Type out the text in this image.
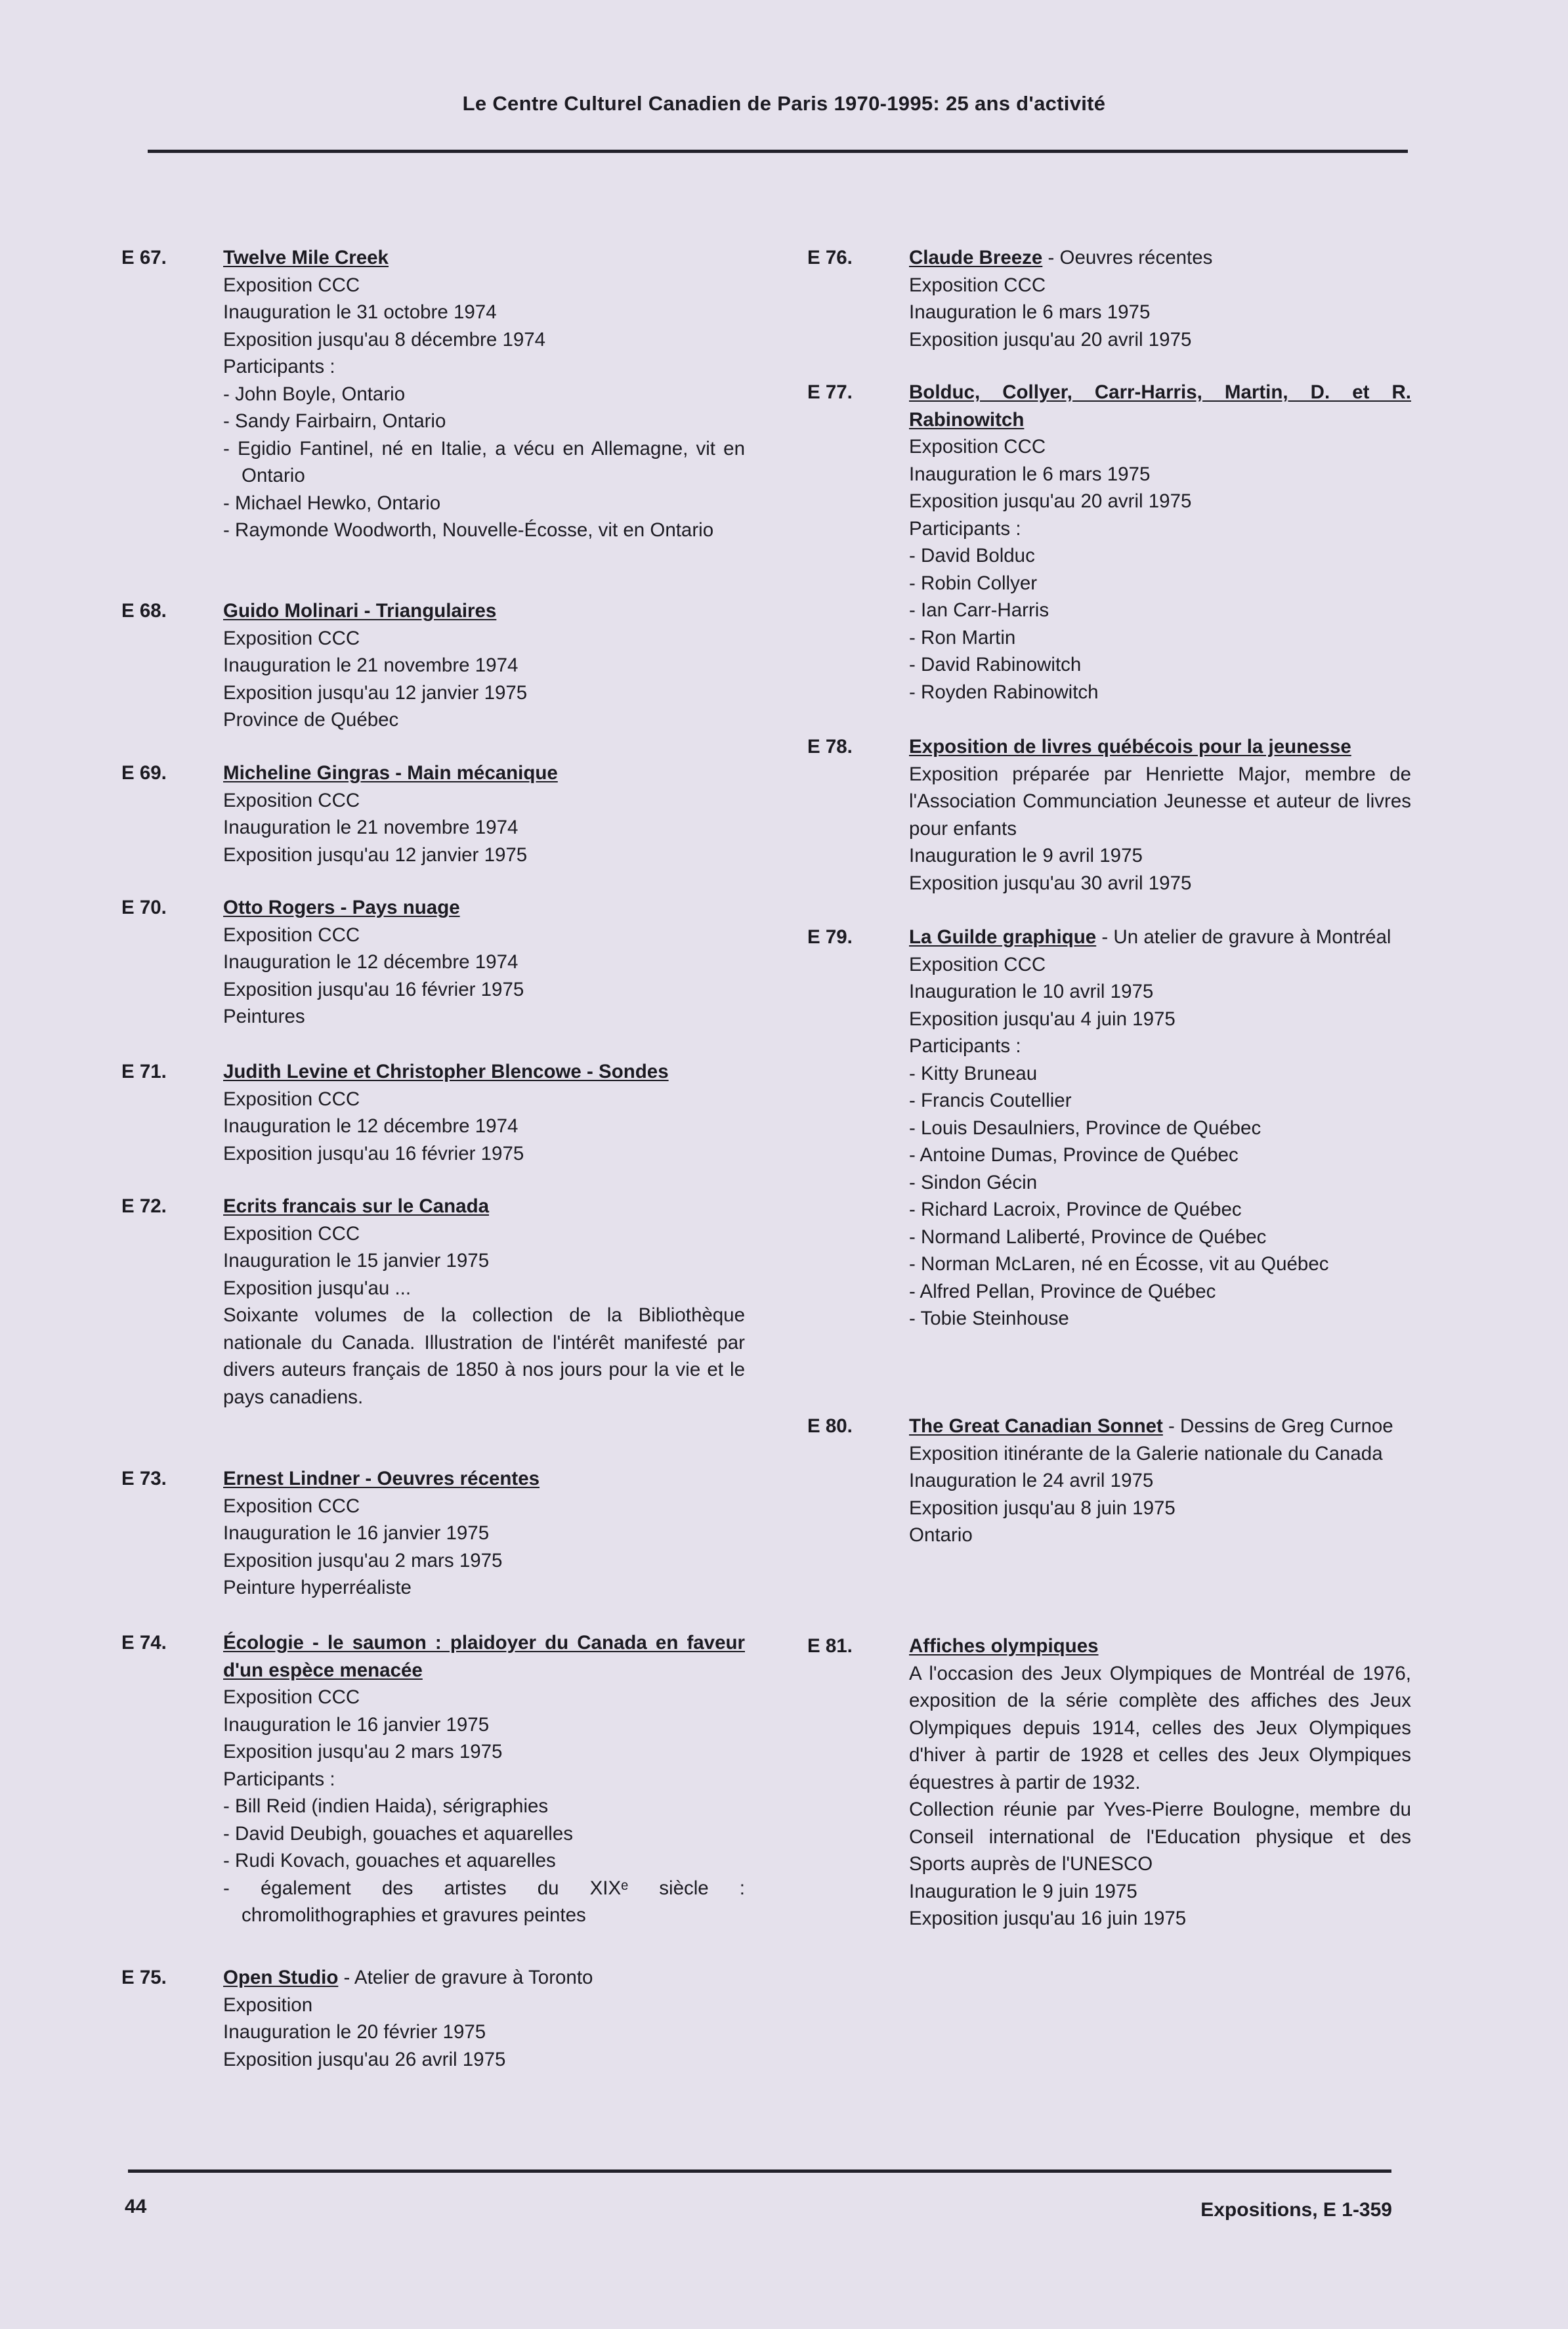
Le Centre Culturel Canadien de Paris 1970-1995: 25 ans d'activité
E 67.	Twelve Mile Creek
Exposition CCC
Inauguration le 31 octobre 1974
Exposition jusqu'au 8 décembre 1974
Participants :
- John Boyle, Ontario
- Sandy Fairbairn, Ontario
- Egidio Fantinel, né en Italie, a vécu en Allemagne, vit en Ontario
- Michael Hewko, Ontario
- Raymonde Woodworth, Nouvelle-Écosse, vit en Ontario
E 68.	Guido Molinari - Triangulaires
Exposition CCC
Inauguration le 21 novembre 1974
Exposition jusqu'au 12 janvier 1975
Province de Québec
E 69.	Micheline Gingras - Main mécanique
Exposition CCC
Inauguration le 21 novembre 1974
Exposition jusqu'au 12 janvier 1975
E 70.	Otto Rogers - Pays nuage
Exposition CCC
Inauguration le 12 décembre 1974
Exposition jusqu'au 16 février 1975
Peintures
E 71.	Judith Levine et Christopher Blencowe - Sondes
Exposition CCC
Inauguration le 12 décembre 1974
Exposition jusqu'au 16 février 1975
E 72.	Ecrits francais sur le Canada
Exposition CCC
Inauguration le 15 janvier 1975
Exposition jusqu'au ...
Soixante volumes de la collection de la Bibliothèque nationale du Canada. Illustration de l'intérêt manifesté par divers auteurs français de 1850 à nos jours pour la vie et le pays canadiens.
E 73.	Ernest Lindner - Oeuvres récentes
Exposition CCC
Inauguration le 16 janvier 1975
Exposition jusqu'au 2 mars 1975
Peinture hyperréaliste
E 74.	Écologie - le saumon : plaidoyer du Canada en faveur d'un espèce menacée
Exposition CCC
Inauguration le 16 janvier 1975
Exposition jusqu'au 2 mars 1975
Participants :
- Bill Reid (indien Haida), sérigraphies
- David Deubigh, gouaches et aquarelles
- Rudi Kovach, gouaches et aquarelles
- également des artistes du XIXᵉ siècle : chromolithographies et gravures peintes
E 75.	Open Studio - Atelier de gravure à Toronto
Exposition
Inauguration le 20 février 1975
Exposition jusqu'au 26 avril 1975
E 76.	Claude Breeze - Oeuvres récentes
Exposition CCC
Inauguration le 6 mars 1975
Exposition jusqu'au 20 avril 1975
E 77.	Bolduc, Collyer, Carr-Harris, Martin, D. et R. Rabinowitch
Exposition CCC
Inauguration le 6 mars 1975
Exposition jusqu'au 20 avril 1975
Participants :
- David Bolduc
- Robin Collyer
- Ian Carr-Harris
- Ron Martin
- David Rabinowitch
- Royden Rabinowitch
E 78.	Exposition de livres québécois pour la jeunesse
Exposition préparée par Henriette Major, membre de l'Association Communciation Jeunesse et auteur de livres pour enfants
Inauguration le 9 avril 1975
Exposition jusqu'au 30 avril 1975
E 79.	La Guilde graphique - Un atelier de gravure à Montréal
Exposition CCC
Inauguration le 10 avril 1975
Exposition jusqu'au 4 juin 1975
Participants :
- Kitty Bruneau
- Francis Coutellier
- Louis Desaulniers, Province de Québec
- Antoine Dumas, Province de Québec
- Sindon Gécin
- Richard Lacroix, Province de Québec
- Normand Laliberté, Province de Québec
- Norman McLaren, né en Écosse, vit au Québec
- Alfred Pellan, Province de Québec
- Tobie Steinhouse
E 80.	The Great Canadian Sonnet - Dessins de Greg Curnoe
Exposition itinérante de la Galerie nationale du Canada
Inauguration le 24 avril 1975
Exposition jusqu'au 8 juin 1975
Ontario
E 81.	Affiches olympiques
A l'occasion des Jeux Olympiques de Montréal de 1976, exposition de la série complète des affiches des Jeux Olympiques depuis 1914, celles des Jeux Olympiques d'hiver à partir de 1928 et celles des Jeux Olympiques équestres à partir de 1932.
Collection réunie par Yves-Pierre Boulogne, membre du Conseil international de l'Education physique et des Sports auprès de l'UNESCO
Inauguration le 9 juin 1975
Exposition jusqu'au 16 juin 1975
44	Expositions, E 1-359
